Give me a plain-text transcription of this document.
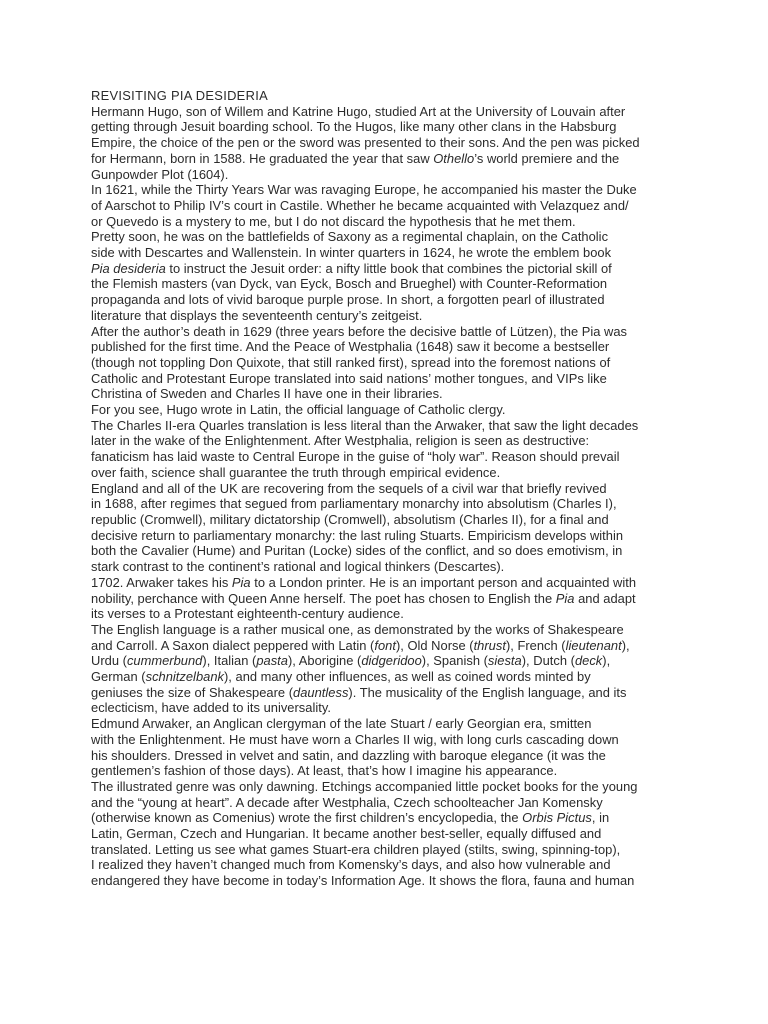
REVISITING PIA DESIDERIA
Hermann Hugo, son of Willem and Katrine Hugo, studied Art at the University of Louvain after
getting through Jesuit boarding school. To the Hugos, like many other clans in the Habsburg
Empire, the choice of the pen or the sword was presented to their sons. And the pen was picked
for Hermann, born in 1588. He graduated the year that saw Othello’s world premiere and the
Gunpowder Plot (1604).
In 1621, while the Thirty Years War was ravaging Europe, he accompanied his master the Duke
of Aarschot to Philip IV’s court in Castile. Whether he became acquainted with Velazquez and/
or Quevedo is a mystery to me, but I do not discard the hypothesis that he met them.
Pretty soon, he was on the battlefields of Saxony as a regimental chaplain, on the Catholic
side with Descartes and Wallenstein. In winter quarters in 1624, he wrote the emblem book
Pia desideria to instruct the Jesuit order: a nifty little book that combines the pictorial skill of
the Flemish masters (van Dyck, van Eyck, Bosch and Brueghel) with Counter-Reformation
propaganda and lots of vivid baroque purple prose. In short, a forgotten pearl of illustrated
literature that displays the seventeenth century’s zeitgeist.
After the author’s death in 1629 (three years before the decisive battle of Lützen), the Pia was
published for the first time. And the Peace of Westphalia (1648) saw it become a bestseller
(though not toppling Don Quixote, that still ranked first), spread into the foremost nations of
Catholic and Protestant Europe translated into said nations’ mother tongues, and VIPs like
Christina of Sweden and Charles II have one in their libraries.
For you see, Hugo wrote in Latin, the official language of Catholic clergy.
The Charles II-era Quarles translation is less literal than the Arwaker, that saw the light decades
later in the wake of the Enlightenment. After Westphalia, religion is seen as destructive:
fanaticism has laid waste to Central Europe in the guise of “holy war”. Reason should prevail
over faith, science shall guarantee the truth through empirical evidence.
England and all of the UK are recovering from the sequels of a civil war that briefly revived
in 1688, after regimes that segued from parliamentary monarchy into absolutism (Charles I),
republic (Cromwell), military dictatorship (Cromwell), absolutism (Charles II), for a final and
decisive return to parliamentary monarchy: the last ruling Stuarts. Empiricism develops within
both the Cavalier (Hume) and Puritan (Locke) sides of the conflict, and so does emotivism, in
stark contrast to the continent’s rational and logical thinkers (Descartes).
1702. Arwaker takes his Pia to a London printer. He is an important person and acquainted with
nobility, perchance with Queen Anne herself. The poet has chosen to English the Pia and adapt
its verses to a Protestant eighteenth-century audience.
The English language is a rather musical one, as demonstrated by the works of Shakespeare
and Carroll. A Saxon dialect peppered with Latin (font), Old Norse (thrust), French (lieutenant),
Urdu (cummerbund), Italian (pasta), Aborigine (didgeridoo), Spanish (siesta), Dutch (deck),
German (schnitzelbank), and many other influences, as well as coined words minted by
geniuses the size of Shakespeare (dauntless). The musicality of the English language, and its
eclecticism, have added to its universality.
Edmund Arwaker, an Anglican clergyman of the late Stuart / early Georgian era, smitten
with the Enlightenment. He must have worn a Charles II wig, with long curls cascading down
his shoulders. Dressed in velvet and satin, and dazzling with baroque elegance (it was the
gentlemen’s fashion of those days). At least, that’s how I imagine his appearance.
The illustrated genre was only dawning. Etchings accompanied little pocket books for the young
and the “young at heart”. A decade after Westphalia, Czech schoolteacher Jan Komensky
(otherwise known as Comenius) wrote the first children’s encyclopedia, the Orbis Pictus, in
Latin, German, Czech and Hungarian. It became another best-seller, equally diffused and
translated. Letting us see what games Stuart-era children played (stilts, swing, spinning-top),
I realized they haven’t changed much from Komensky’s days, and also how vulnerable and
endangered they have become in today’s Information Age. It shows the flora, fauna and human
